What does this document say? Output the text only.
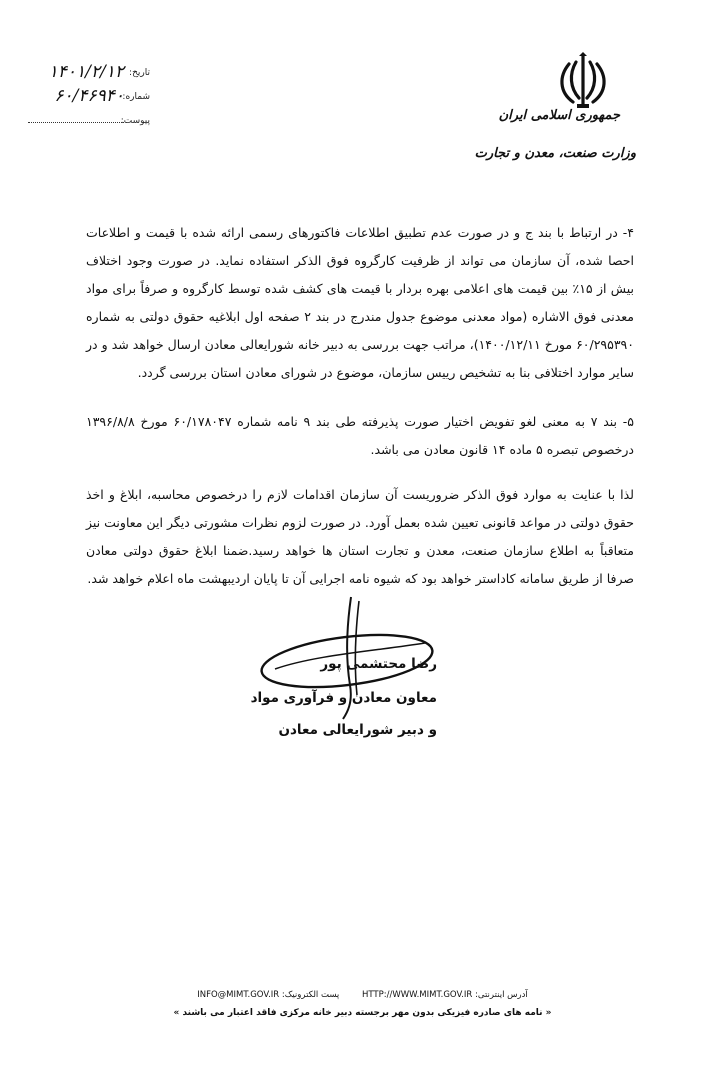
جمهوری اسلامی ایران
وزارت صنعت، معدن و تجارت
تاریخ:
۱۴۰۱/۲/۱۲
شماره:
۶۰/۴۶۹۴۰
پیوست:

۴- در ارتباط با بند ج و در صورت عدم تطبیق اطلاعات فاکتورهای رسمی ارائه شده با قیمت و اطلاعات احصا شده، آن سازمان می تواند از ظرفیت کارگروه فوق الذکر استفاده نماید. در صورت وجود اختلاف بیش از ۱۵٪ بین قیمت های اعلامی بهره بردار با قیمت های کشف شده توسط کارگروه و صرفاً برای مواد معدنی فوق الاشاره (مواد معدنی موضوع جدول مندرج در بند ۲ صفحه اول ابلاغیه حقوق دولتی به شماره ۶۰/۲۹۵۳۹۰ مورخ ۱۴۰۰/۱۲/۱۱)، مراتب جهت بررسی به دبیر خانه شورایعالی معادن ارسال خواهد شد و در سایر موارد اختلافی بنا به تشخیص رییس سازمان، موضوع در شورای معادن استان بررسی گردد.

۵- بند ۷ به معنی لغو تفویض اختیار صورت پذیرفته طی بند ۹ نامه شماره ۶۰/۱۷۸۰۴۷ مورخ ۱۳۹۶/۸/۸ درخصوص تبصره ۵ ماده ۱۴ قانون معادن می باشد.

لذا با عنایت به موارد فوق الذکر ضروریست آن سازمان اقدامات لازم را درخصوص محاسبه، ابلاغ و اخذ حقوق دولتی در مواعد قانونی تعیین شده بعمل آورد. در صورت لزوم نظرات مشورتی دیگر این معاونت نیز متعاقباً به اطلاع سازمان صنعت، معدن و تجارت استان ها خواهد رسید.ضمنا ابلاغ حقوق دولتی معادن صرفا از طریق سامانه کاداستر خواهد بود که شیوه نامه اجرایی آن تا پایان اردیبهشت ماه اعلام خواهد شد.

رضا محتشمی پور
معاون معادن و فرآوری مواد
و دبیر شورایعالی معادن
آدرس اینترنتی: HTTP://WWW.MIMT.GOV.IR پست الکترونیک: INFO@MIMT.GOV.IR
« نامه های صادره فیزیکی بدون مهر برجسته دبیر خانه مرکزی فاقد اعتبار می باشند »
